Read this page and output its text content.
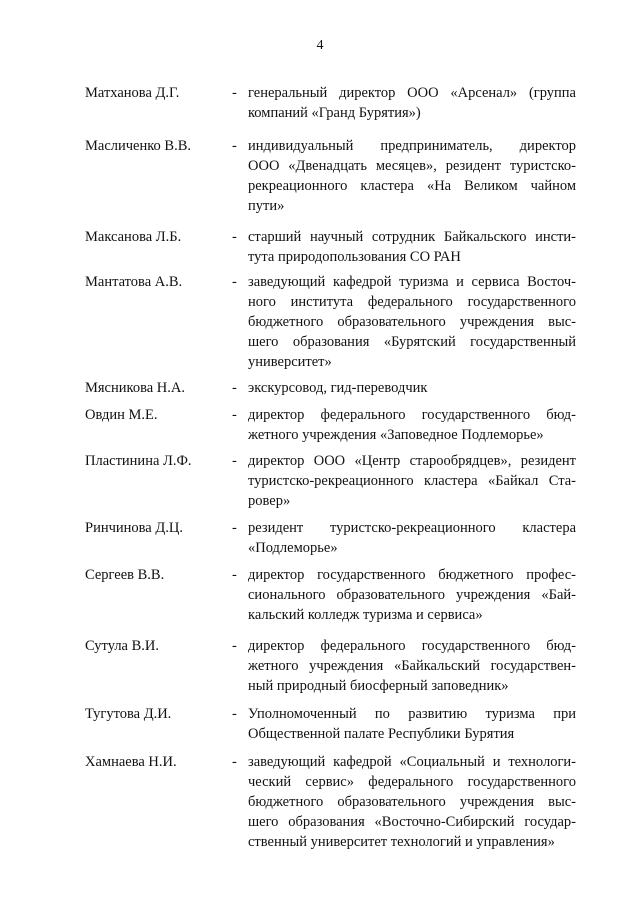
4
Матханова Д.Г.	- генеральный директор ООО «Арсенал» (группа
компаний «Гранд Бурятия»)
Масличенко В.В.	- индивидуальный предприниматель, директор
ООО «Двенадцать месяцев», резидент туристско-
рекреационного кластера «На Великом чайном
пути»
Максанова Л.Б.	- старший научный сотрудник Байкальского инсти-
тута природопользования СО РАН
Мантатова А.В.	- заведующий кафедрой туризма и сервиса Восточ-
ного института федерального государственного
бюджетного образовательного учреждения выс-
шего образования «Бурятский государственный
университет»
Мясникова Н.А.	- экскурсовод, гид-переводчик
Овдин М.Е.	- директор федерального государственного бюд-
жетного учреждения «Заповедное Подлеморье»
Пластинина Л.Ф.	- директор ООО «Центр старообрядцев», резидент
туристско-рекреационного кластера «Байкал Ста-
ровер»
Ринчинова Д.Ц.	- резидент туристско-рекреационного кластера
«Подлеморье»
Сергеев В.В.	- директор государственного бюджетного профес-
сионального образовательного учреждения «Бай-
кальский колледж туризма и сервиса»
Сутула В.И.	- директор федерального государственного бюд-
жетного учреждения «Байкальский государствен-
ный природный биосферный заповедник»
Тугутова Д.И.	- Уполномоченный по развитию туризма при
Общественной палате Республики Бурятия
Хамнаева Н.И.	- заведующий кафедрой «Социальный и технологи-
ческий сервис» федерального государственного
бюджетного образовательного учреждения выс-
шего образования «Восточно-Сибирский государ-
ственный университет технологий и управления»
